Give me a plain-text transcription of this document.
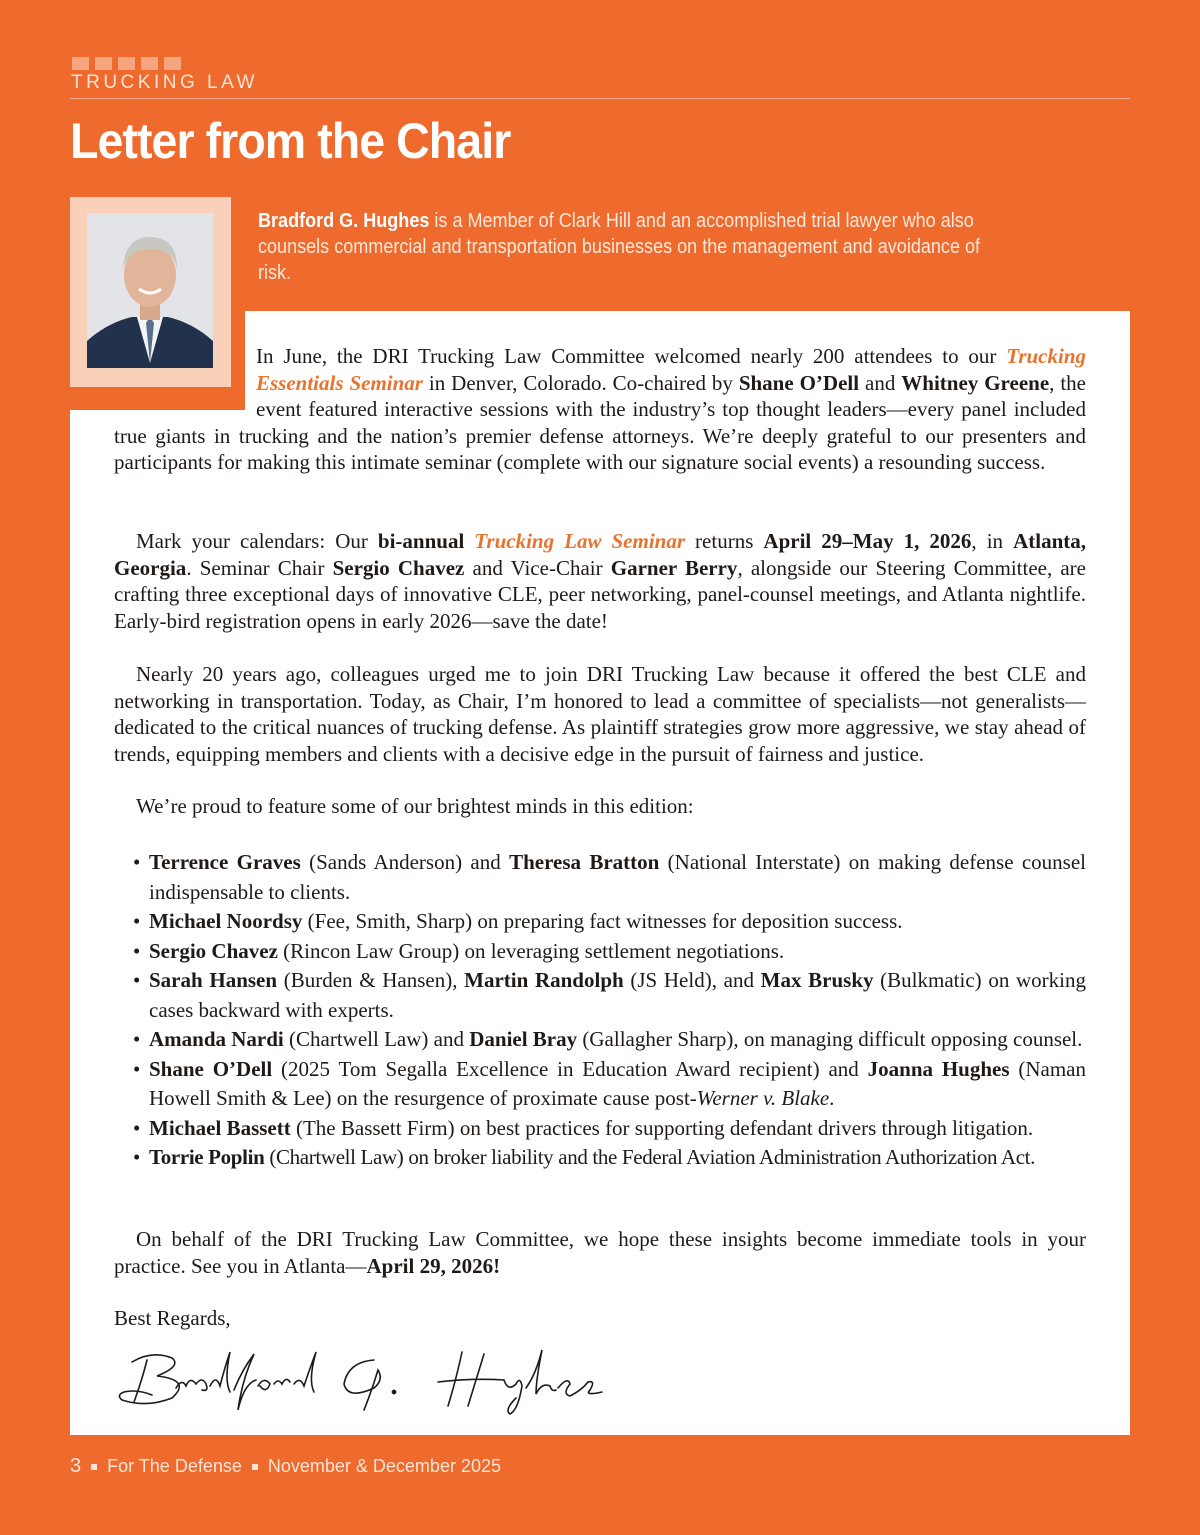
TRUCKING LAW
Letter from the Chair

Bradford G. Hughes is a Member of Clark Hill and an accomplished trial lawyer who also counsels commercial and transportation businesses on the management and avoidance of risk.

In June, the DRI Trucking Law Committee welcomed nearly 200 attendees to our Trucking Essentials Seminar in Denver, Colorado. Co-chaired by Shane O’Dell and Whitney Greene, the event featured interactive sessions with the industry’s top thought leaders—every panel included true giants in trucking and the nation’s premier defense attorneys. We’re deeply grateful to our presenters and participants for making this intimate seminar (complete with our signature social events) a resounding success.

Mark your calendars: Our bi-annual Trucking Law Seminar returns April 29–May 1, 2026, in Atlanta, Georgia. Seminar Chair Sergio Chavez and Vice-Chair Garner Berry, alongside our Steering Committee, are crafting three exceptional days of innovative CLE, peer networking, panel-counsel meetings, and Atlanta nightlife. Early-bird registration opens in early 2026—save the date!

Nearly 20 years ago, colleagues urged me to join DRI Trucking Law because it offered the best CLE and networking in transportation. Today, as Chair, I’m honored to lead a committee of specialists—not generalists—dedicated to the critical nuances of trucking defense. As plaintiff strategies grow more aggressive, we stay ahead of trends, equipping members and clients with a decisive edge in the pursuit of fairness and justice.

We’re proud to feature some of our brightest minds in this edition:

• Terrence Graves (Sands Anderson) and Theresa Bratton (National Interstate) on making defense counsel indispensable to clients.
• Michael Noordsy (Fee, Smith, Sharp) on preparing fact witnesses for deposition success.
• Sergio Chavez (Rincon Law Group) on leveraging settlement negotiations.
• Sarah Hansen (Burden & Hansen), Martin Randolph (JS Held), and Max Brusky (Bulkmatic) on working cases backward with experts.
• Amanda Nardi (Chartwell Law) and Daniel Bray (Gallagher Sharp), on managing difficult opposing counsel.
• Shane O’Dell (2025 Tom Segalla Excellence in Education Award recipient) and Joanna Hughes (Naman Howell Smith & Lee) on the resurgence of proximate cause post-Werner v. Blake.
• Michael Bassett (The Bassett Firm) on best practices for supporting defendant drivers through litigation.
• Torrie Poplin (Chartwell Law) on broker liability and the Federal Aviation Administration Authorization Act.

On behalf of the DRI Trucking Law Committee, we hope these insights become immediate tools in your practice. See you in Atlanta—April 29, 2026!

Best Regards,

3 For The Defense November & December 2025
